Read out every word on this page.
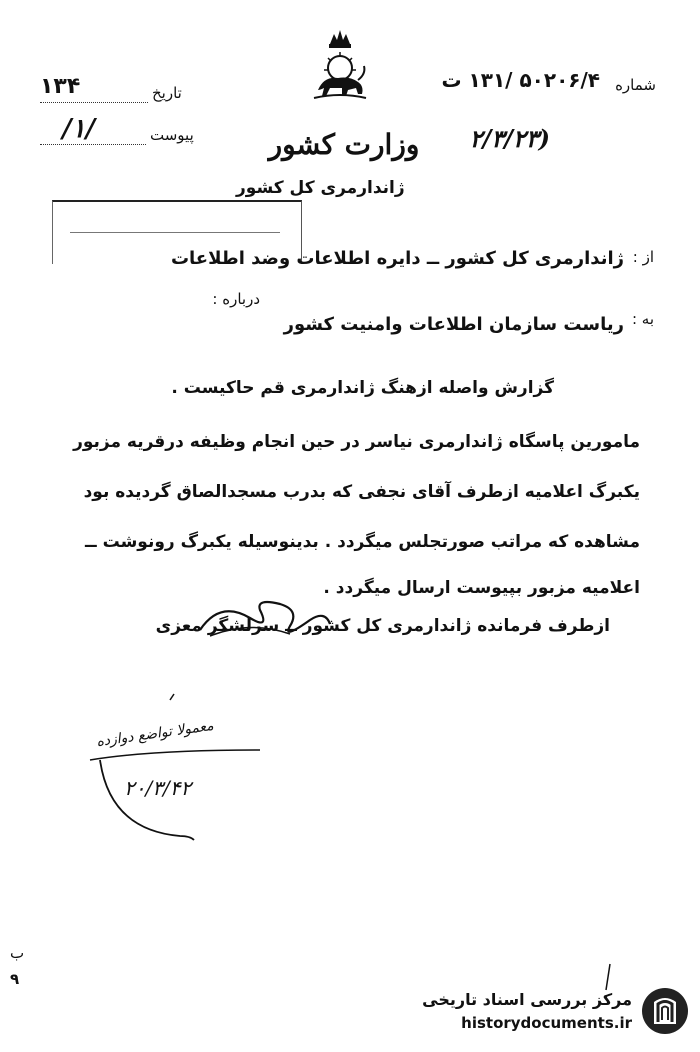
وزارت کشور
ژاندارمری کل کشور
شماره
۵۰۲۰۶/۴ /۱۳۱ ت
(۲/۳/۲۳
تاریخ
۱۳۴
پیوست
/۱/
از :
ژاندارمری کل کشور ــ دایره اطلاعات وضد اطلاعات
درباره :
به :
ریاست سازمان اطلاعات وامنیت کشور
گزارش واصله ازهنگ ژاندارمری قم حاکیست .
مامورین پاسگاه ژاندارمری نیاسر در حین انجام وظیفه درقریه مزبور
یکبرگ اعلامیه ازطرف آقای نجفی که بدرب مسجدالصاق گردیده بود
مشاهده که مراتب صورتجلس میگردد . بدینوسیله یکبرگ رونوشت ــ
اعلامیه مزبور بپیوست ارسال میگردد .
ازطرف فرمانده ژاندارمری کل کشور ــ سرلشگر معزی
معمولا تواضع دوازده
۲۰/۳/۴۲
ب
۹
مرکز بررسی اسناد تاریخی
historydocuments.ir
